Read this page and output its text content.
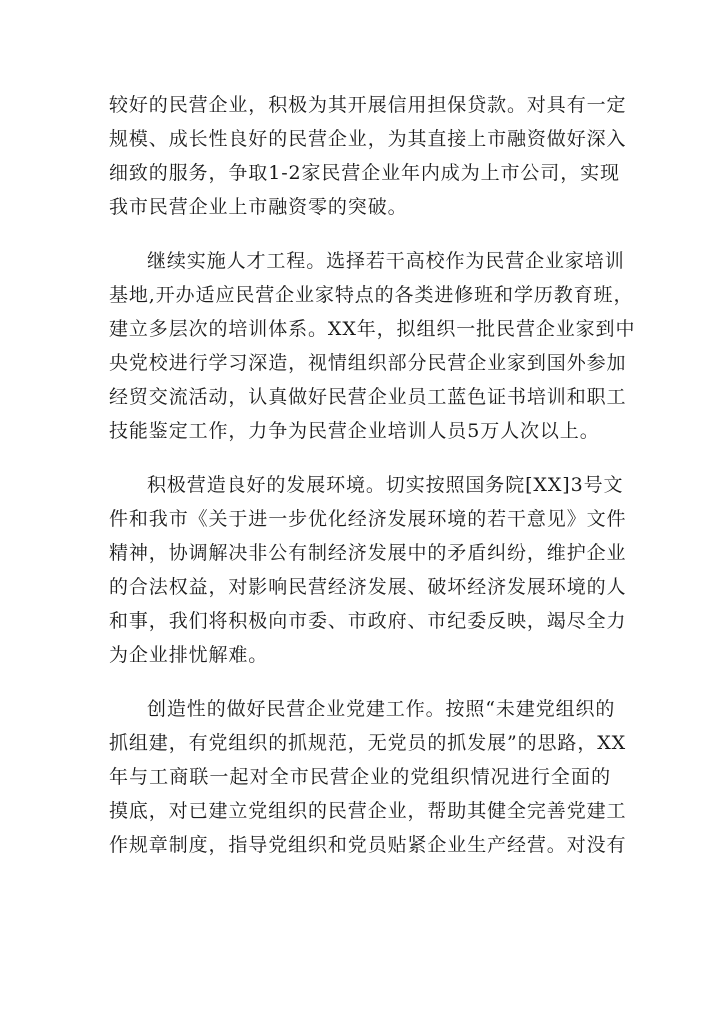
较好的民营企业，积极为其开展信用担保贷款。对具有一定
规模、成长性良好的民营企业，为其直接上市融资做好深入
细致的服务，争取1-2家民营企业年内成为上市公司，实现
我市民营企业上市融资零的突破。

继续实施人才工程。选择若干高校作为民营企业家培训
基地,开办适应民营企业家特点的各类进修班和学历教育班，
建立多层次的培训体系。XX年，拟组织一批民营企业家到中
央党校进行学习深造，视情组织部分民营企业家到国外参加
经贸交流活动，认真做好民营企业员工蓝色证书培训和职工
技能鉴定工作，力争为民营企业培训人员5万人次以上。

积极营造良好的发展环境。切实按照国务院[XX]3号文
件和我市《关于进一步优化经济发展环境的若干意见》文件
精神，协调解决非公有制经济发展中的矛盾纠纷，维护企业
的合法权益，对影响民营经济发展、破坏经济发展环境的人
和事，我们将积极向市委、市政府、市纪委反映，竭尽全力
为企业排忧解难。

创造性的做好民营企业党建工作。按照“未建党组织的
抓组建，有党组织的抓规范，无党员的抓发展”的思路，XX
年与工商联一起对全市民营企业的党组织情况进行全面的
摸底，对已建立党组织的民营企业，帮助其健全完善党建工
作规章制度，指导党组织和党员贴紧企业生产经营。对没有
